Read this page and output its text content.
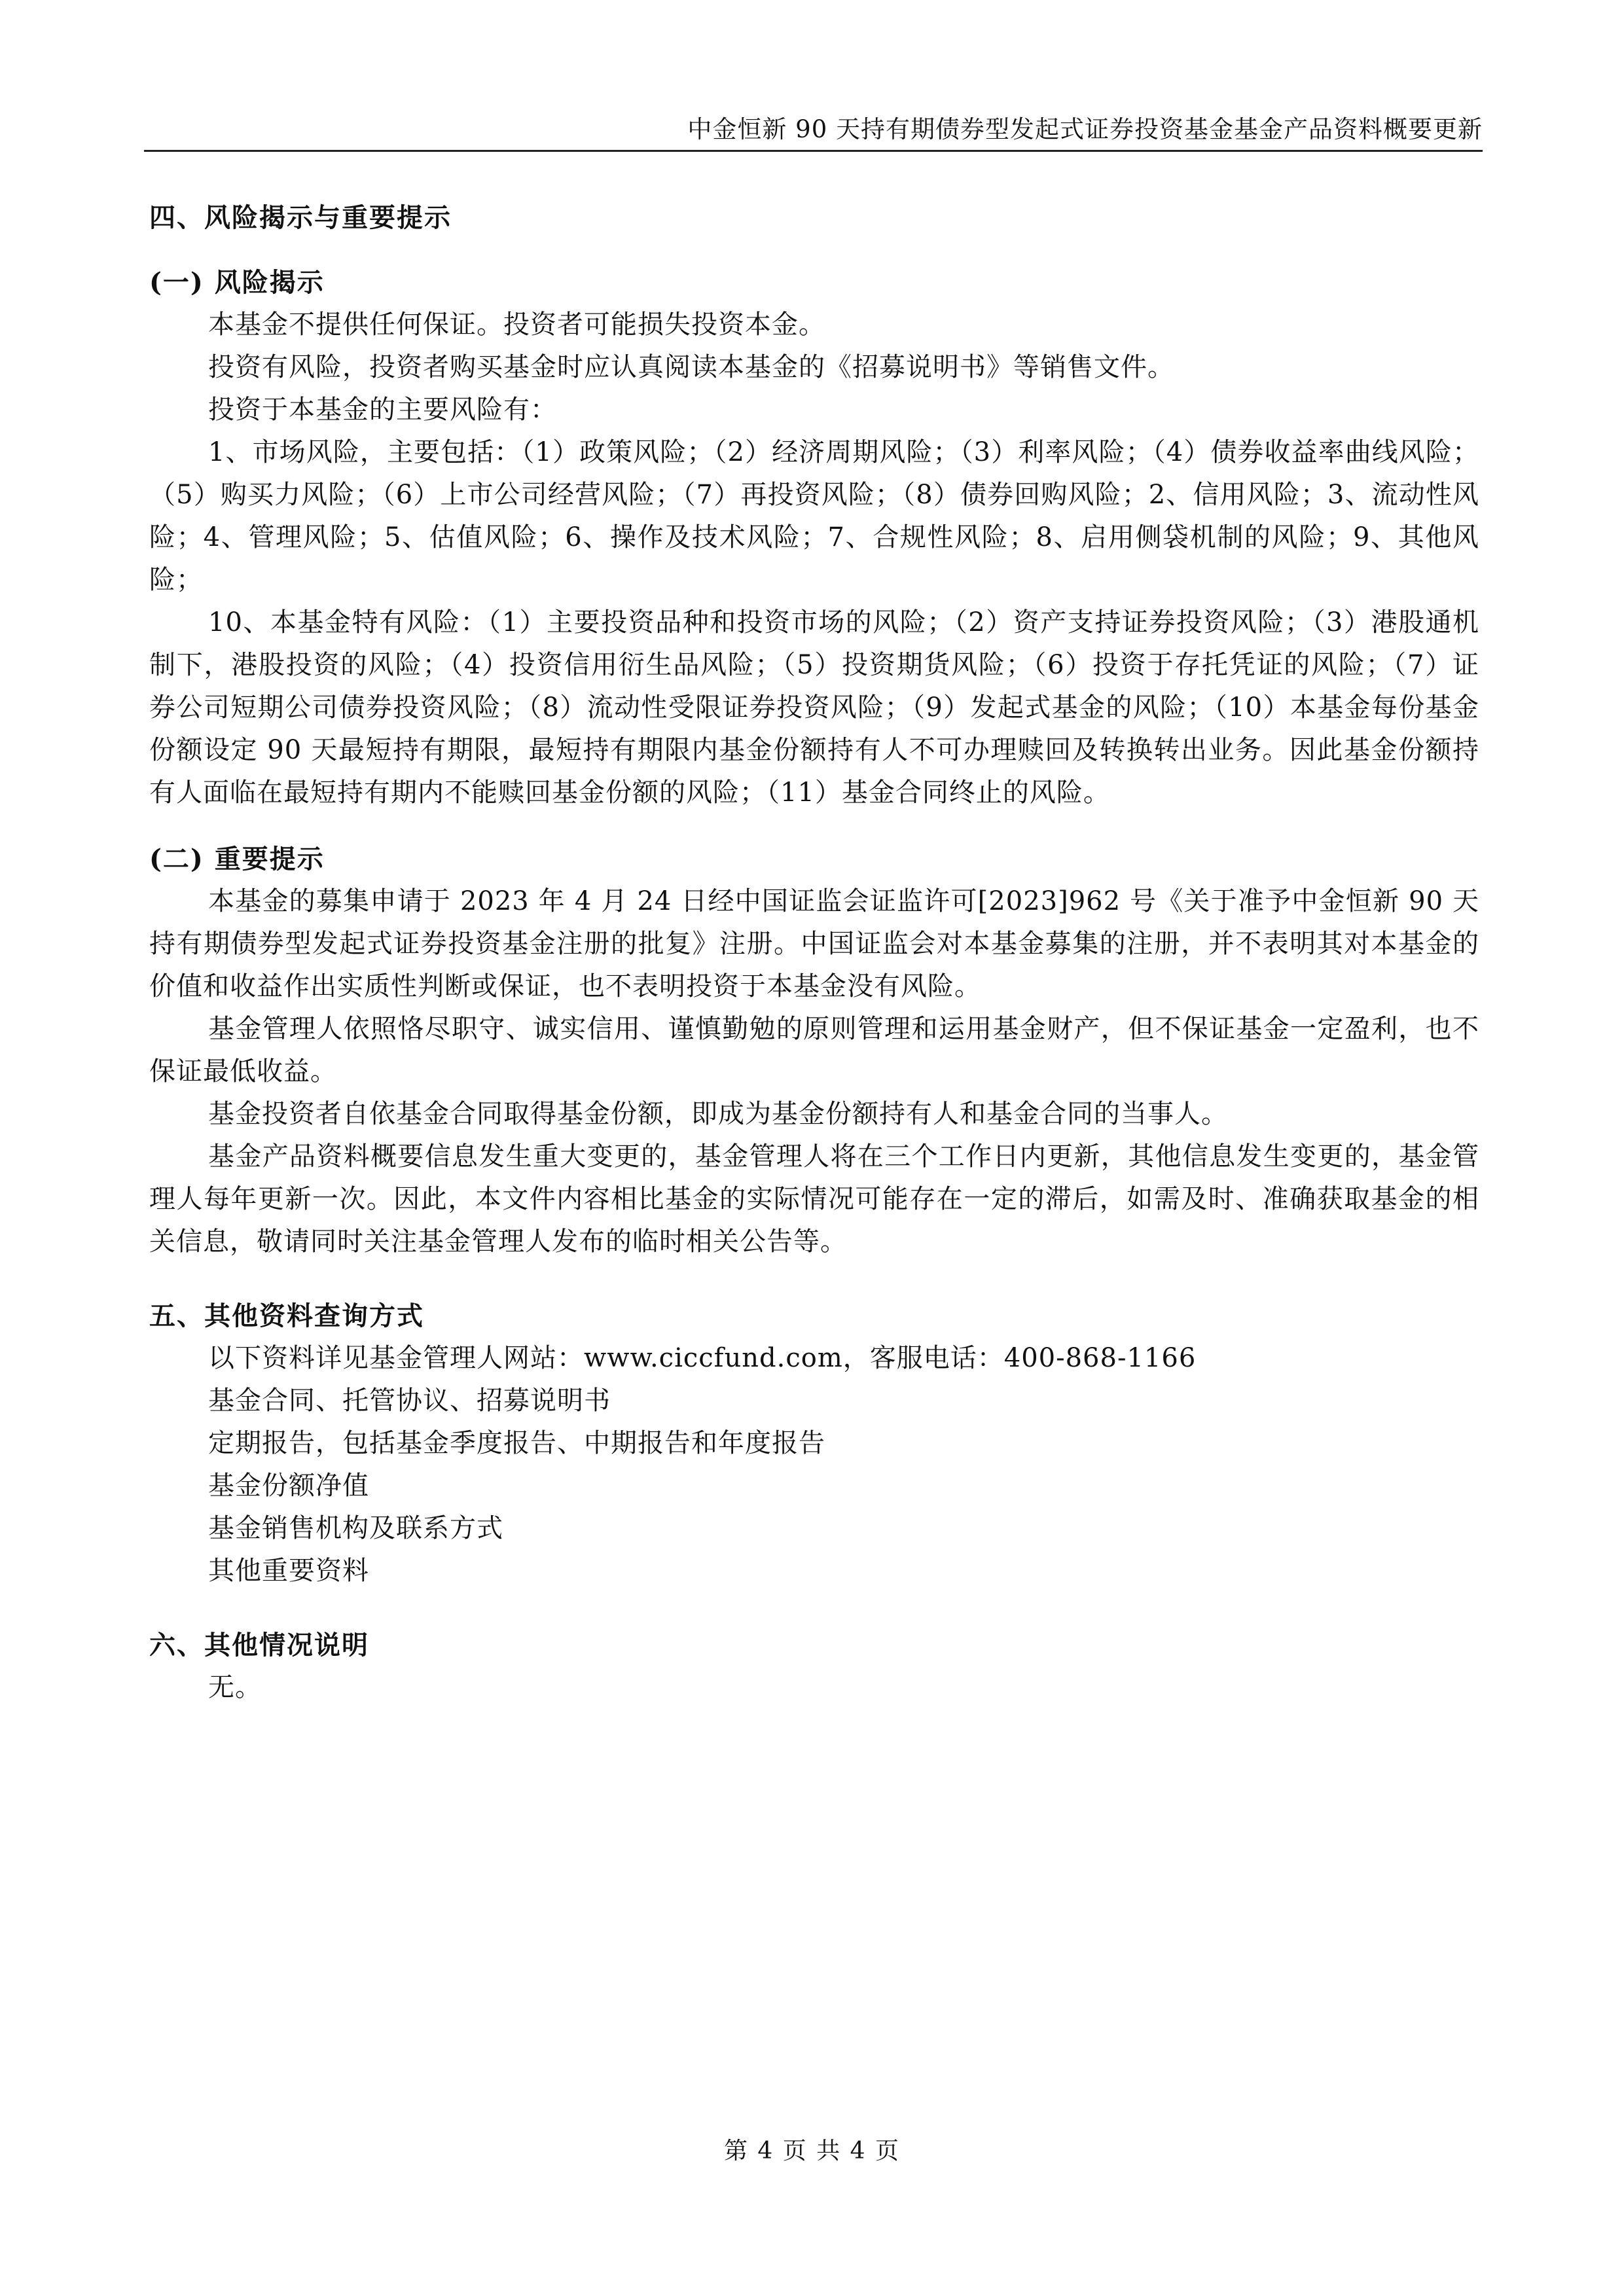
中金恒新 90 天持有期债券型发起式证券投资基金基金产品资料概要更新
四、风险揭示与重要提示
(一) 风险揭示
本基金不提供任何保证。投资者可能损失投资本金。
投资有风险，投资者购买基金时应认真阅读本基金的《招募说明书》等销售文件。
投资于本基金的主要风险有：
1、市场风险，主要包括：（1）政策风险；（2）经济周期风险；（3）利率风险；（4）债券收益率曲线风险；（5）购买力风险；（6）上市公司经营风险；（7）再投资风险；（8）债券回购风险；2、信用风险；3、流动性风险；4、管理风险；5、估值风险；6、操作及技术风险；7、合规性风险；8、启用侧袋机制的风险；9、其他风险；
10、本基金特有风险：（1）主要投资品种和投资市场的风险；（2）资产支持证券投资风险；（3）港股通机制下，港股投资的风险；（4）投资信用衍生品风险；（5）投资期货风险；（6）投资于存托凭证的风险；（7）证券公司短期公司债券投资风险；（8）流动性受限证券投资风险；（9）发起式基金的风险；（10）本基金每份基金份额设定 90 天最短持有期限，最短持有期限内基金份额持有人不可办理赎回及转换转出业务。因此基金份额持有人面临在最短持有期内不能赎回基金份额的风险；（11）基金合同终止的风险。
(二) 重要提示
本基金的募集申请于 2023 年 4 月 24 日经中国证监会证监许可[2023]962 号《关于准予中金恒新 90 天持有期债券型发起式证券投资基金注册的批复》注册。中国证监会对本基金募集的注册，并不表明其对本基金的价值和收益作出实质性判断或保证，也不表明投资于本基金没有风险。
基金管理人依照恪尽职守、诚实信用、谨慎勤勉的原则管理和运用基金财产，但不保证基金一定盈利，也不保证最低收益。
基金投资者自依基金合同取得基金份额，即成为基金份额持有人和基金合同的当事人。
基金产品资料概要信息发生重大变更的，基金管理人将在三个工作日内更新，其他信息发生变更的，基金管理人每年更新一次。因此，本文件内容相比基金的实际情况可能存在一定的滞后，如需及时、准确获取基金的相关信息，敬请同时关注基金管理人发布的临时相关公告等。
五、其他资料查询方式
以下资料详见基金管理人网站：www.ciccfund.com，客服电话：400-868-1166
基金合同、托管协议、招募说明书
定期报告，包括基金季度报告、中期报告和年度报告
基金份额净值
基金销售机构及联系方式
其他重要资料
六、其他情况说明
无。
第 4 页 共 4 页
